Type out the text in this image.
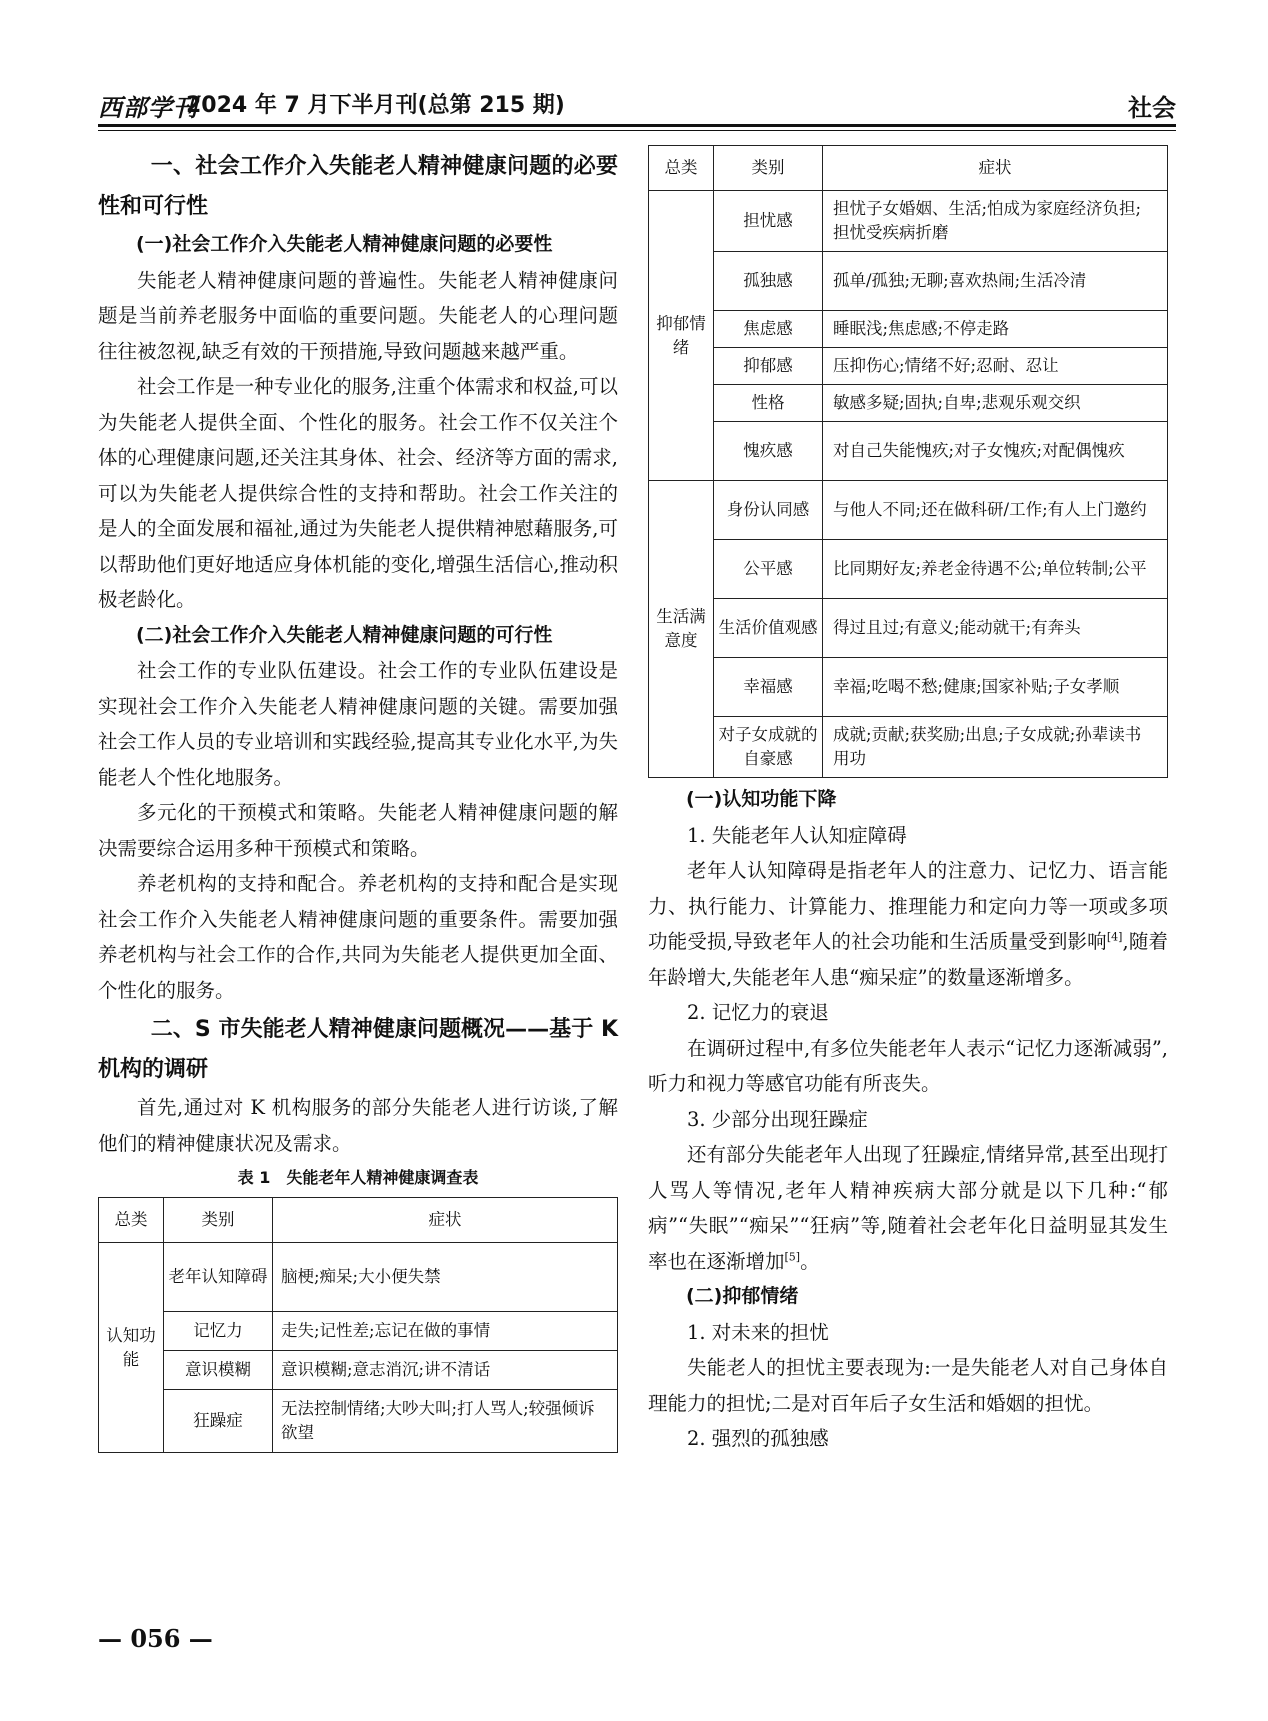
西部学刊
2024 年 7 月下半月刊(总第 215 期)	社会

一、社会工作介入失能老人精神健康问题的必要性和可行性

(一)社会工作介入失能老人精神健康问题的必要性

失能老人精神健康问题的普遍性。失能老人精神健康问题是当前养老服务中面临的重要问题。失能老人的心理问题往往被忽视,缺乏有效的干预措施,导致问题越来越严重。

社会工作是一种专业化的服务,注重个体需求和权益,可以为失能老人提供全面、个性化的服务。社会工作不仅关注个体的心理健康问题,还关注其身体、社会、经济等方面的需求,可以为失能老人提供综合性的支持和帮助。社会工作关注的是人的全面发展和福祉,通过为失能老人提供精神慰藉服务,可以帮助他们更好地适应身体机能的变化,增强生活信心,推动积极老龄化。

(二)社会工作介入失能老人精神健康问题的可行性

社会工作的专业队伍建设。社会工作的专业队伍建设是实现社会工作介入失能老人精神健康问题的关键。需要加强社会工作人员的专业培训和实践经验,提高其专业化水平,为失能老人个性化地服务。

多元化的干预模式和策略。失能老人精神健康问题的解决需要综合运用多种干预模式和策略。

养老机构的支持和配合。养老机构的支持和配合是实现社会工作介入失能老人精神健康问题的重要条件。需要加强养老机构与社会工作的合作,共同为失能老人提供更加全面、个性化的服务。

二、S 市失能老人精神健康问题概况——基于 K 机构的调研

首先,通过对 K 机构服务的部分失能老人进行访谈,了解他们的精神健康状况及需求。

表 1　失能老年人精神健康调查表
总类	类别	症状
认知功能	老年认知障碍	脑梗;痴呆;大小便失禁
	记忆力	走失;记性差;忘记在做的事情
	意识模糊	意识模糊;意志消沉;讲不清话
	狂躁症	无法控制情绪;大吵大叫;打人骂人;较强倾诉欲望
总类	类别	症状
抑郁情绪	担忧感	担忧子女婚姻、生活;怕成为家庭经济负担;担忧受疾病折磨
	孤独感	孤单/孤独;无聊;喜欢热闹;生活冷清
	焦虑感	睡眠浅;焦虑感;不停走路
	抑郁感	压抑伤心;情绪不好;忍耐、忍让
	性格	敏感多疑;固执;自卑;悲观乐观交织
	愧疚感	对自己失能愧疚;对子女愧疚;对配偶愧疚
生活满意度	身份认同感	与他人不同;还在做科研/工作;有人上门邀约
	公平感	比同期好友;养老金待遇不公;单位转制;公平
	生活价值观感	得过且过;有意义;能动就干;有奔头
	幸福感	幸福;吃喝不愁;健康;国家补贴;子女孝顺
	对子女成就的自豪感	成就;贡献;获奖励;出息;子女成就;孙辈读书用功

(一)认知功能下降

1. 失能老年人认知症障碍

老年人认知障碍是指老年人的注意力、记忆力、语言能力、执行能力、计算能力、推理能力和定向力等一项或多项功能受损,导致老年人的社会功能和生活质量受到影响[4],随着年龄增大,失能老年人患“痴呆症”的数量逐渐增多。

2. 记忆力的衰退

在调研过程中,有多位失能老年人表示“记忆力逐渐减弱”,听力和视力等感官功能有所丧失。

3. 少部分出现狂躁症

还有部分失能老年人出现了狂躁症,情绪异常,甚至出现打人骂人等情况,老年人精神疾病大部分就是以下几种:“郁病”“失眠”“痴呆”“狂病”等,随着社会老年化日益明显其发生率也在逐渐增加[5]。

(二)抑郁情绪

1. 对未来的担忧

失能老人的担忧主要表现为:一是失能老人对自己身体自理能力的担忧;二是对百年后子女生活和婚姻的担忧。

2. 强烈的孤独感

— 056 —
